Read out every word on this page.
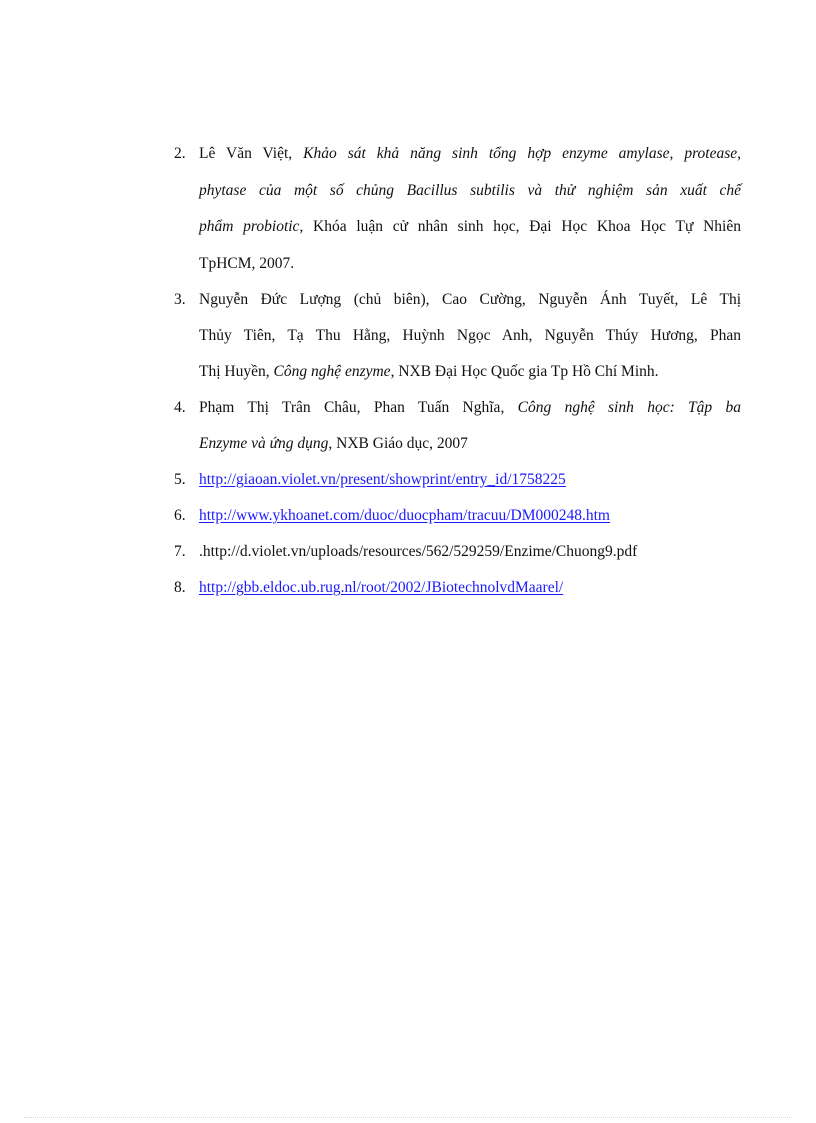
2. Lê Văn Việt, Khảo sát khả năng sinh tổng hợp enzyme amylase, protease,
phytase của một số chủng Bacillus subtilis và thử nghiệm sản xuất chế
phẩm probiotic, Khóa luận cử nhân sinh học, Đại Học Khoa Học Tự Nhiên
TpHCM, 2007.
3. Nguyễn Đức Lượng (chủ biên), Cao Cường, Nguyễn Ánh Tuyết, Lê Thị
Thủy Tiên, Tạ Thu Hằng, Huỳnh Ngọc Anh, Nguyễn Thúy Hương, Phan
Thị Huyền, Công nghệ enzyme, NXB Đại Học Quốc gia Tp Hồ Chí Minh.
4. Phạm Thị Trân Châu, Phan Tuấn Nghĩa, Công nghệ sinh học: Tập ba
Enzyme và ứng dụng, NXB Giáo dục, 2007
5. http://giaoan.violet.vn/present/showprint/entry_id/1758225
6. http://www.ykhoanet.com/duoc/duocpham/tracuu/DM000248.htm
7. .http://d.violet.vn/uploads/resources/562/529259/Enzime/Chuong9.pdf
8. http://gbb.eldoc.ub.rug.nl/root/2002/JBiotechnolvdMaarel/
